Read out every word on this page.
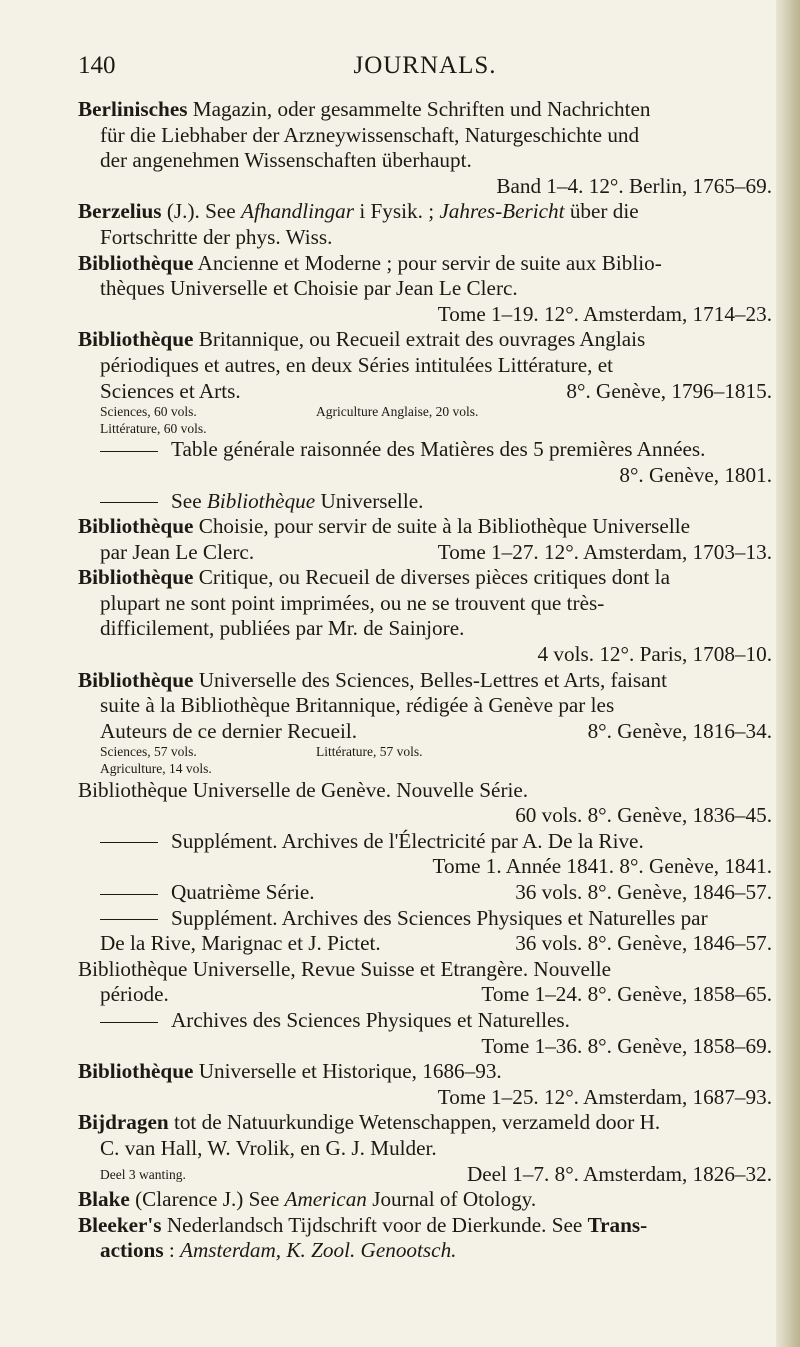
140	JOURNALS.
Berlinisches Magazin, oder gesammelte Schriften und Nachrichten
für die Liebhaber der Arzneywissenschaft, Naturgeschichte und
der angenehmen Wissenschaften überhaupt.
Band 1–4. 12°. Berlin, 1765–69.
Berzelius (J.). See Afhandlingar i Fysik. ; Jahres-Bericht über die
Fortschritte der phys. Wiss.
Bibliothèque Ancienne et Moderne ; pour servir de suite aux Biblio-
thèques Universelle et Choisie par Jean Le Clerc.
Tome 1–19. 12°. Amsterdam, 1714–23.
Bibliothèque Britannique, ou Recueil extrait des ouvrages Anglais
périodiques et autres, en deux Séries intitulées Littérature, et
Sciences et Arts.	8°. Genève, 1796–1815.
Sciences, 60 vols.	Agriculture Anglaise, 20 vols.
Littérature, 60 vols.
Table générale raisonnée des Matières des 5 premières Années.
8°. Genève, 1801.
See Bibliothèque Universelle.
Bibliothèque Choisie, pour servir de suite à la Bibliothèque Universelle
par Jean Le Clerc.	Tome 1–27. 12°. Amsterdam, 1703–13.
Bibliothèque Critique, ou Recueil de diverses pièces critiques dont la
plupart ne sont point imprimées, ou ne se trouvent que très-
difficilement, publiées par Mr. de Sainjore.
4 vols. 12°. Paris, 1708–10.
Bibliothèque Universelle des Sciences, Belles-Lettres et Arts, faisant
suite à la Bibliothèque Britannique, rédigée à Genève par les
Auteurs de ce dernier Recueil.	8°. Genève, 1816–34.
Sciences, 57 vols.	Littérature, 57 vols.
Agriculture, 14 vols.
Bibliothèque Universelle de Genève. Nouvelle Série.
60 vols. 8°. Genève, 1836–45.
Supplément. Archives de l'Électricité par A. De la Rive.
Tome 1. Année 1841. 8°. Genève, 1841.
Quatrième Série.	36 vols. 8°. Genève, 1846–57.
Supplément. Archives des Sciences Physiques et Naturelles par
De la Rive, Marignac et J. Pictet.	36 vols. 8°. Genève, 1846–57.
Bibliothèque Universelle, Revue Suisse et Etrangère. Nouvelle
période.	Tome 1–24. 8°. Genève, 1858–65.
Archives des Sciences Physiques et Naturelles.
Tome 1–36. 8°. Genève, 1858–69.
Bibliothèque Universelle et Historique, 1686–93.
Tome 1–25. 12°. Amsterdam, 1687–93.
Bijdragen tot de Natuurkundige Wetenschappen, verzameld door H.
C. van Hall, W. Vrolik, en G. J. Mulder.
Deel 3 wanting.	Deel 1–7. 8°. Amsterdam, 1826–32.
Blake (Clarence J.) See American Journal of Otology.
Bleeker's Nederlandsch Tijdschrift voor de Dierkunde. See Trans-
actions : Amsterdam, K. Zool. Genootsch.
